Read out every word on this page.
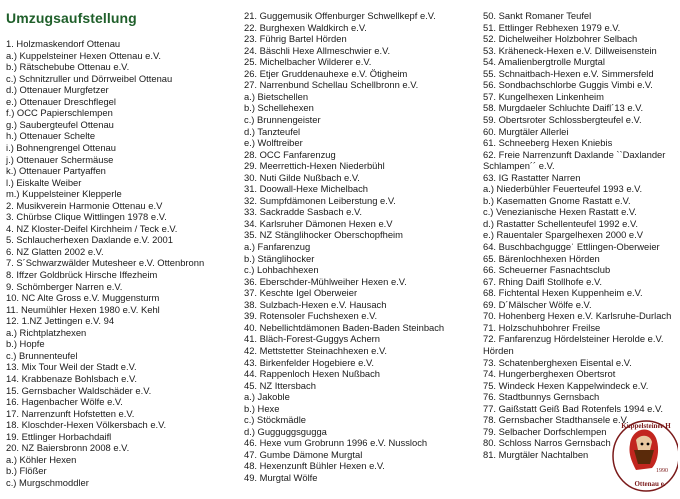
Umzugsaufstellung
1. Holzmaskendorf Ottenau
a.) Kuppelsteiner Hexen Ottenau e.V.
b.) Rätschebube Ottenau e.V.
c.) Schnitzruller und Dörrweibel Ottenau
d.) Ottenauer Murgfetzer
e.) Ottenauer Dreschflegel
f.) OCC Papierschlempen
g.) Saubergteufel Ottenau
h.) Ottenauer Schelte
i.) Bohnengrengel Ottenau
j.) Ottenauer Schermäuse
k.) Ottenauer Partyaffen
l.) Eiskalte Weiber
m.) Kuppelsteiner Klepperle
2. Musikverein Harmonie Ottenau e.V
3. Chürbse Clique Wittlingen 1978 e.V.
4. NZ Kloster-Deifel Kirchheim / Teck e.V.
5. Schlaucherhexen Daxlande e.V. 2001
6. NZ Glatten 2002 e.V.
7. S´Schwarzwälder Mutesheer e.V. Ottenbronn
8. Iffzer Goldbrück Hirsche Iffezheim
9. Schömberger Narren e.V.
10. NC Alte Gross e.V. Muggensturm
11. Neumühler Hexen 1980 e.V. Kehl
12. 1.NZ Jettingen e.V. 94
a.) Richtplatzhexen
b.) Hopfe
c.) Brunnenteufel
13. Mix Tour Weil der Stadt e.V.
14. Krabbenaze Bohlsbach e.V.
15. Gernsbacher Waldschäder e.V.
16. Hagenbacher Wölfe e.V.
17. Narrenzunft Hofstetten e.V.
18. Kloschder-Hexen Völkersbach e.V.
19. Ettlinger Horbachdaifl
20. NZ Baiersbronn 2008 e.V.
a.) Köhler Hexen
b.) Flößer
c.) Murgschmoddler
21. Guggemusik Offenburger Schwellkepf e.V.
22. Burghexen Waldkirch e.V.
23. Führig Bartel Hörden
24. Bäschli Hexe Allmeschwier e.V.
25. Michelbacher Wilderer e.V.
26. Etjer Gruddenauhexe e.V. Ötigheim
27. Narrenbund Schellau Schellbronn e.V.
a.) Bietschellen
b.) Schellehexen
c.) Brunnengeister
d.) Tanzteufel
e.) Wolftreiber
28. OCC Fanfarenzug
29. Meerrettich-Hexen Niederbühl
30. Nuti Gilde Nußbach e.V.
31. Doowall-Hexe Michelbach
32. Sumpfdämonen Leiberstung e.V.
33. Sackradde Sasbach e.V.
34. Karlsruher Dämonen Hexen e.V
35. NZ Stänglihocker Oberschopfheim
a.) Fanfarenzug
b.) Stänglihocker
c.) Lohbachhexen
36. Eberschder-Mühlweiher Hexen e.V.
37. Keschte Igel Oberweier
38. Sulzbach-Hexen e.V. Hausach
39. Rotensoler Fuchshexen e.V.
40. Nebellichtdämonen Baden-Baden Steinbach
41. Bläch-Forest-Guggys Achern
42. Mettstetter Steinachhexen e.V.
43. Birkenfelder Hogebiere e.V.
44. Rappenloch Hexen Nußbach
45. NZ Ittersbach
a.) Jakoble
b.) Hexe
c.) Stöckmädle
d.) Gugguggsgugga
46. Hexe vum Grobrunn 1996 e.V. Nussloch
47. Gumbe Dämone Murgtal
48. Hexenzunft Bühler Hexen e.V.
49. Murgtal Wölfe
50. Sankt Romaner Teufel
51. Ettlinger Rebhexen 1979 e.V.
52. Dichelweiher Holzbohrer Selbach
53. Kräheneck-Hexen e.V. Dillweisenstein
54. Amalienbergtrolle Murgtal
55. Schnaitbach-Hexen e.V. Simmersfeld
56. Sondbachschlorbe Guggis Vimbi e.V.
57. Kungelhexen Linkenheim
58. Murgdaeler Schluchte Daifl´13 e.V.
59. Obertsroter Schlossbergteufel e.V.
60. Murgtäler Allerlei
61. Schneeberg Hexen Kniebis
62. Freie Narrenzunft Daxlande ``Daxlander
Schlampen´´ e.V.
63. IG Rastatter Narren
a.) Niederbühler Feuerteufel 1993 e.V.
b.) Kasematten Gnome Rastatt e.V.
c.) Venezianische Hexen Rastatt e.V.
d.) Rastatter Schellenteufel 1992 e.V.
e.) Rauentaler Spargelhexen 2000 e.V
64. Buschbachguggeˈ Ettlingen-Oberweier
65. Bärenlochhexen Hörden
66. Scheuerner Fasnachtsclub
67. Rhing Daifl Stollhofe e.V.
68. Fichtental Hexen Kuppenheim e.V.
69. D´Mälscher Wölfe e.V.
70. Hohenberg Hexen e.V. Karlsruhe-Durlach
71. Holzschuhbohrer Freilse
72. Fanfarenzug Hördelsteiner Herolde e.V.
Hörden
73. Schatenberghexen Eisental e.V.
74. Hungerberghexen Obertsrot
75. Windeck Hexen Kappelwindeck e.V.
76. Stadtbunnys Gernsbach
77. Gaißstatt Geiß Bad Rotenfels 1994 e.V.
78. Gernsbacher Stadthansele e.V.
79. Selbacher Dorfschlempen
80. Schloss Narros Gernsbach
81. Murgtäler Nachtalben
Kuppelsteiner H
1990
Ottenau e.
